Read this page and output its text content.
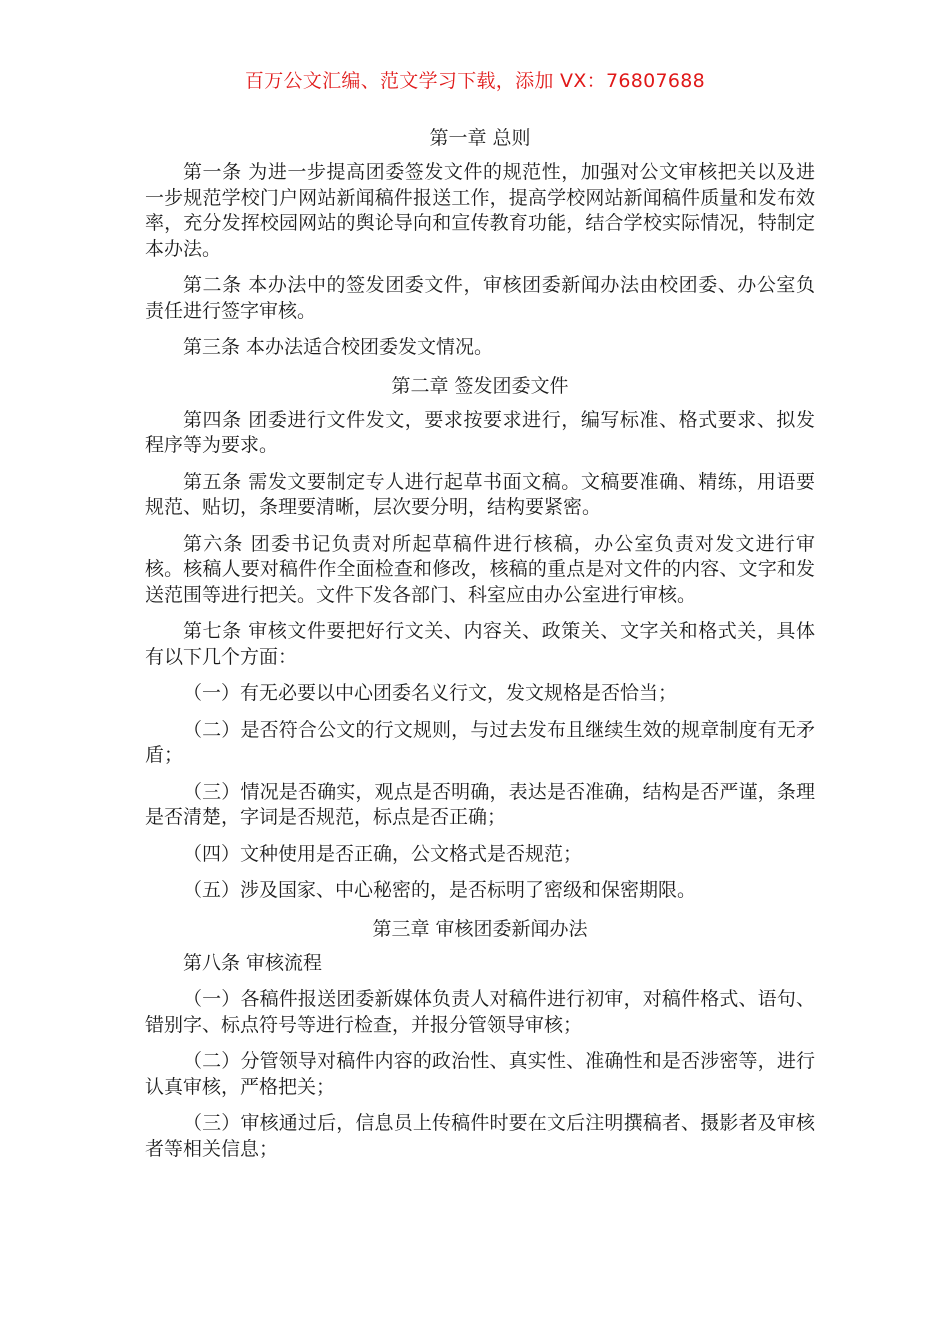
百万公文汇编、范文学习下载，添加 VX：76807688
第一章 总则

第一条 为进一步提高团委签发文件的规范性，加强对公文审核把关以及进一步规范学校门户网站新闻稿件报送工作，提高学校网站新闻稿件质量和发布效率，充分发挥校园网站的舆论导向和宣传教育功能，结合学校实际情况，特制定本办法。

第二条 本办法中的签发团委文件，审核团委新闻办法由校团委、办公室负责任进行签字审核。

第三条 本办法适合校团委发文情况。

第二章 签发团委文件

第四条 团委进行文件发文，要求按要求进行，编写标准、格式要求、拟发程序等为要求。

第五条 需发文要制定专人进行起草书面文稿。文稿要准确、精练，用语要规范、贴切，条理要清晰，层次要分明，结构要紧密。

第六条 团委书记负责对所起草稿件进行核稿，办公室负责对发文进行审核。核稿人要对稿件作全面检查和修改，核稿的重点是对文件的内容、文字和发送范围等进行把关。文件下发各部门、科室应由办公室进行审核。

第七条 审核文件要把好行文关、内容关、政策关、文字关和格式关，具体有以下几个方面：

（一）有无必要以中心团委名义行文，发文规格是否恰当；

（二）是否符合公文的行文规则，与过去发布且继续生效的规章制度有无矛盾；

（三）情况是否确实，观点是否明确，表达是否准确，结构是否严谨，条理是否清楚，字词是否规范，标点是否正确；

（四）文种使用是否正确，公文格式是否规范；

（五）涉及国家、中心秘密的，是否标明了密级和保密期限。

第三章 审核团委新闻办法

第八条 审核流程

（一）各稿件报送团委新媒体负责人对稿件进行初审，对稿件格式、语句、错别字、标点符号等进行检查，并报分管领导审核；

（二）分管领导对稿件内容的政治性、真实性、准确性和是否涉密等，进行认真审核，严格把关；

（三）审核通过后，信息员上传稿件时要在文后注明撰稿者、摄影者及审核者等相关信息；
